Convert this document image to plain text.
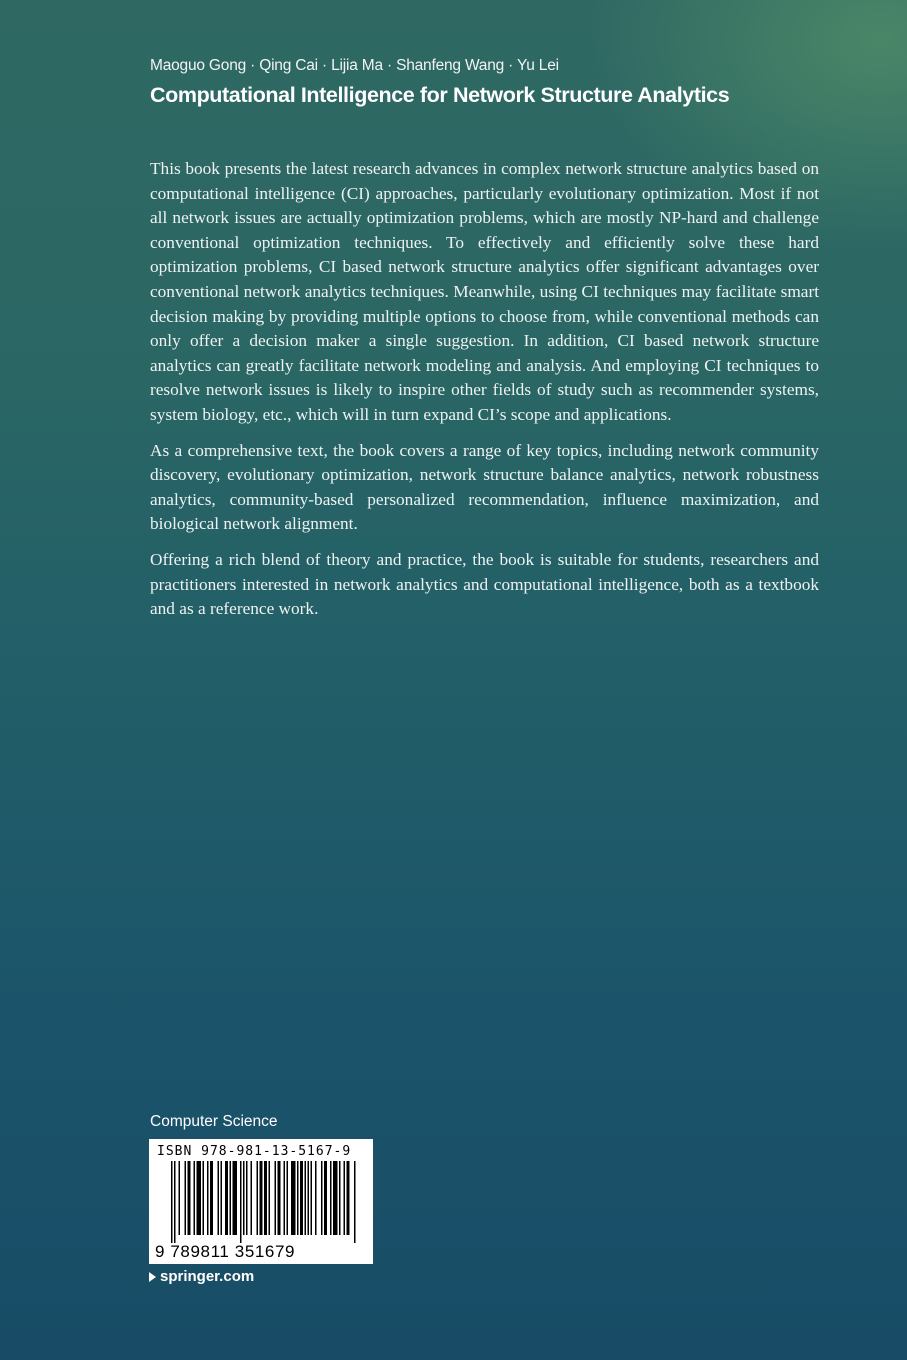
Maoguo Gong · Qing Cai · Lijia Ma · Shanfeng Wang · Yu Lei
Computational Intelligence for Network Structure Analytics

This book presents the latest research advances in complex network structure analytics based on computational intelligence (CI) approaches, particularly evolutionary optimization. Most if not all network issues are actually optimization problems, which are mostly NP-hard and challenge conventional optimization techniques. To effectively and efficiently solve these hard optimization problems, CI based network structure analytics offer significant advantages over conventional network analytics techniques. Meanwhile, using CI techniques may facilitate smart decision making by providing multiple options to choose from, while conventional methods can only offer a decision maker a single suggestion. In addition, CI based network structure analytics can greatly facilitate network modeling and analysis. And employing CI techniques to resolve network issues is likely to inspire other fields of study such as recommender systems, system biology, etc., which will in turn expand CI’s scope and applications.

As a comprehensive text, the book covers a range of key topics, including network community discovery, evolutionary optimization, network structure balance analytics, network robustness analytics, community-based personalized recommendation, influence maximization, and biological network alignment.

Offering a rich blend of theory and practice, the book is suitable for students, researchers and practitioners interested in network analytics and computational intelligence, both as a textbook and as a reference work.

Computer Science
ISBN 978-981-13-5167-9
9 789811 351679
springer.com
